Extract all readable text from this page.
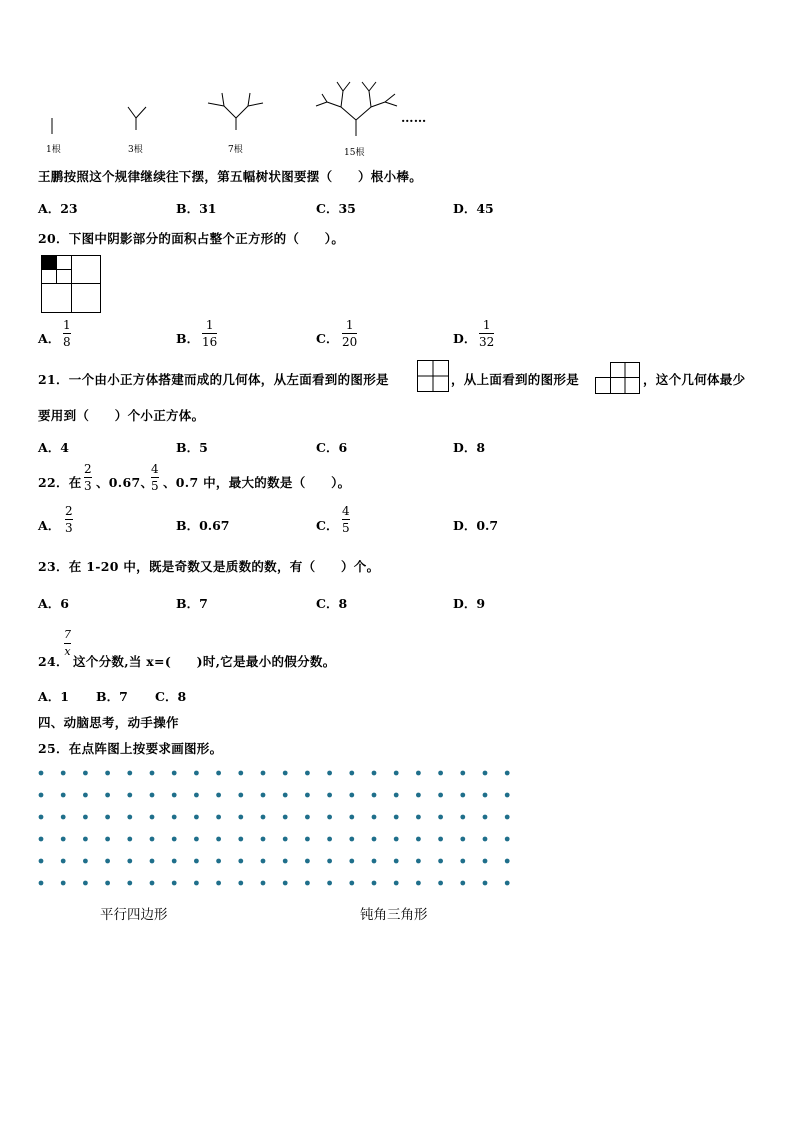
1根	3根	7根	15根
……
王鹏按照这个规律继续往下摆，第五幅树状图要摆（　　）根小棒。
A．23	B．31	C．35	D．45
20．下图中阴影部分的面积占整个正方形的（　　）。
A．
1
8	B．
1
16	C．
1
20	D．
1
32
21．一个由小正方体搭建而成的几何体，从左面看到的图形是	，从上面看到的图形是	，这个几何体最少
要用到（　　）个小正方体。
A．4	B．5	C．6	D．8
22．在
2
3 、0.67、
4
5 、0.7 中，最大的数是（　　）。
A．
2
3	B．0.67	C．
4
5	D．0.7
23．在 1-20 中，既是奇数又是质数的数，有（　　）个。
A．6	B．7	C．8	D．9
7
x
24． 这个分数,当 x=(　　)时,它是最小的假分数。
A．1 B．7 C．8
四、动脑思考，动手操作
25．在点阵图上按要求画图形。
平行四边形	钝角三角形
